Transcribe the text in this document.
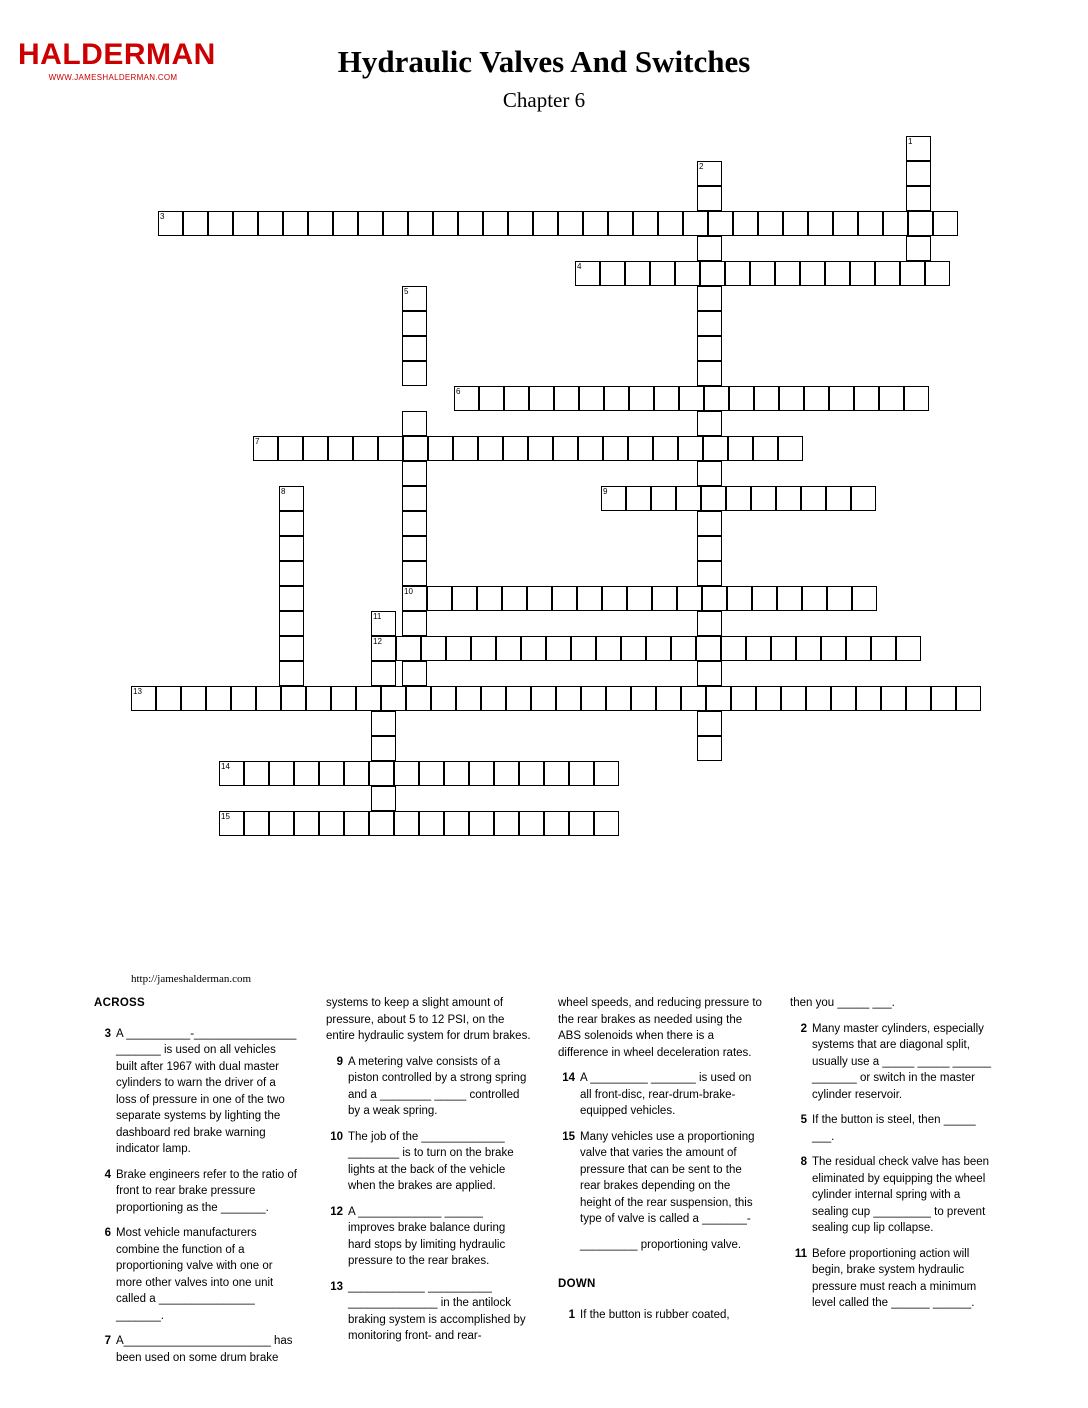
HALDERMAN
WWW.JAMESHALDERMAN.COM	Hydraulic Valves And Switches
Chapter 6
http://jameshalderman.com
1
2
3
4
5
6
7
8	9
10
11
12
13
14
15
ACROSS
3 A __________-________________ _______ is used on all vehicles built after 1967 with dual master cylinders to warn the driver of a loss of pressure in one of the two separate systems by lighting the dashboard red brake warning indicator lamp.
4 Brake engineers refer to the ratio of front to rear brake pressure proportioning as the _______.
6 Most vehicle manufacturers combine the function of a proportioning valve with one or more other valves into one unit called a _______________ _______.
7 A_______________________ has been used on some drum brake
systems to keep a slight amount of pressure, about 5 to 12 PSI, on the entire hydraulic system for drum brakes.
9 A metering valve consists of a piston controlled by a strong spring and a ________ _____ controlled by a weak spring.
10 The job of the _____________ ________ is to turn on the brake lights at the back of the vehicle when the brakes are applied.
12 A _____________ ______ improves brake balance during hard stops by limiting hydraulic pressure to the rear brakes.
13 ____________ __________ ______________ in the antilock braking system is accomplished by monitoring front- and rear-
wheel speeds, and reducing pressure to the rear brakes as needed using the ABS solenoids when there is a difference in wheel deceleration rates.
14 A _________ _______ is used on all front-disc, rear-drum-brake-equipped vehicles.
15 Many vehicles use a proportioning valve that varies the amount of pressure that can be sent to the rear brakes depending on the height of the rear suspension, this type of valve is called a _______-
_________ proportioning valve.
DOWN
1 If the button is rubber coated,
then you _____ ___.
2 Many master cylinders, especially systems that are diagonal split, usually use a _____ _____ ______ _______ or switch in the master cylinder reservoir.
5 If the button is steel, then _____ ___.
8 The residual check valve has been eliminated by equipping the wheel cylinder internal spring with a sealing cup _________ to prevent sealing cup lip collapse.
11 Before proportioning action will begin, brake system hydraulic pressure must reach a minimum level called the ______ ______.
